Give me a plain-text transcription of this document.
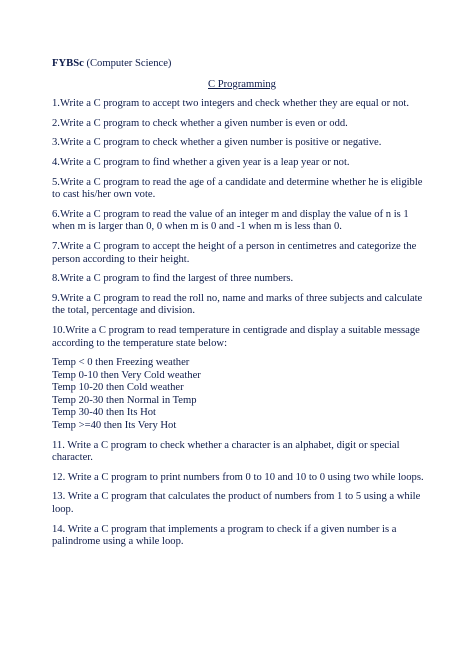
FYBSc (Computer Science)
C Programming
1.Write a C program to accept two integers and check whether they are equal or not.
2.Write a C program to check whether a given number is even or odd.
3.Write a C program to check whether a given number is positive or negative.
4.Write a C program to find whether a given year is a leap year or not.
5.Write a C program to read the age of a candidate and determine whether he is eligible to cast his/her own vote.
6.Write a C program to read the value of an integer m and display the value of n is 1 when m is larger than 0, 0 when m is 0 and -1 when m is less than 0.
7.Write a C program to accept the height of a person in centimetres and categorize the person according to their height.
8.Write a C program to find the largest of three numbers.
9.Write a C program to read the roll no, name and marks of three subjects and calculate the total, percentage and division.
10.Write a C program to read temperature in centigrade and display a suitable message according to the temperature state below:
Temp < 0 then Freezing weather
Temp 0-10 then Very Cold weather
Temp 10-20 then Cold weather
Temp 20-30 then Normal in Temp
Temp 30-40 then Its Hot
Temp >=40 then Its Very Hot
11. Write a C program to check whether a character is an alphabet, digit or special character.
12. Write a C program to print numbers from 0 to 10 and 10 to 0 using two while loops.
13. Write a C program that calculates the product of numbers from 1 to 5 using a while loop.
14. Write a C program that implements a program to check if a given number is a palindrome using a while loop.
